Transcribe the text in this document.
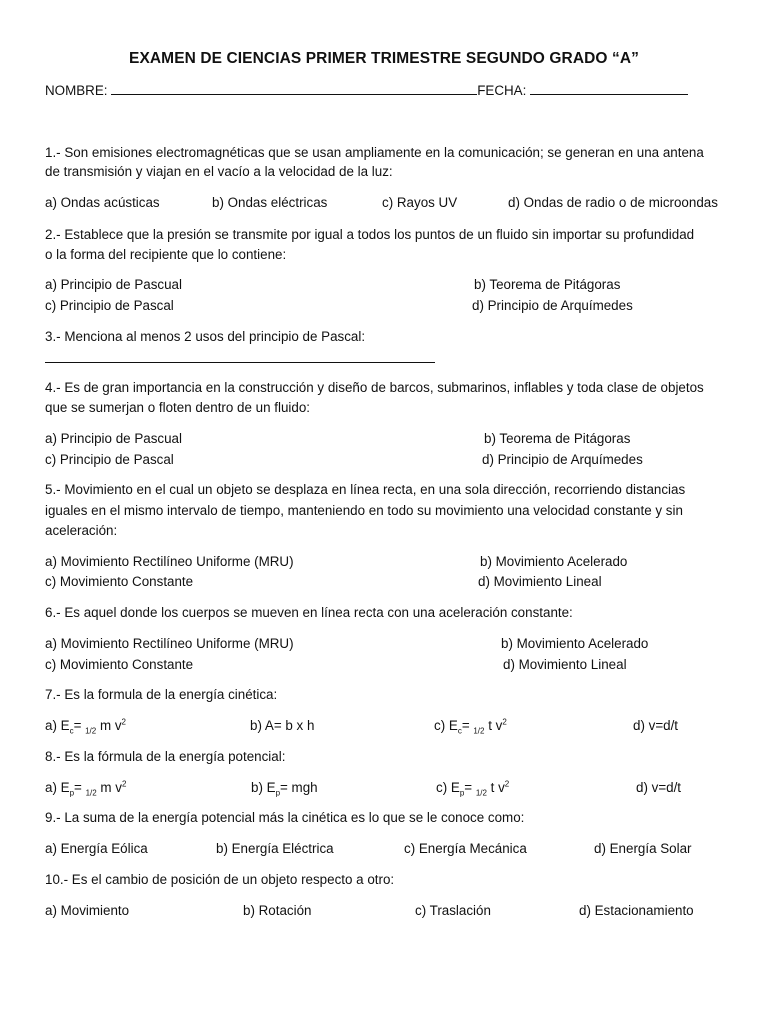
EXAMEN DE CIENCIAS PRIMER TRIMESTRE SEGUNDO GRADO “A”
NOMBRE:	FECHA:
1.- Son emisiones electromagnéticas que se usan ampliamente en la comunicación; se generan en una antena
de transmisión y viajan en el vacío a la velocidad de la luz:
a) Ondas acústicas	b) Ondas eléctricas	c) Rayos UV	d) Ondas de radio o de microondas
2.- Establece que la presión se transmite por igual a todos los puntos de un fluido sin importar su profundidad
o la forma del recipiente que lo contiene:
a) Principio de Pascual	b) Teorema de Pitágoras
c) Principio de Pascal	d) Principio de Arquímedes
3.- Menciona al menos 2 usos del principio de Pascal:
4.- Es de gran importancia en la construcción y diseño de barcos, submarinos, inflables y toda clase de objetos
que se sumerjan o floten dentro de un fluido:
a) Principio de Pascual	b) Teorema de Pitágoras
c) Principio de Pascal	d) Principio de Arquímedes
5.- Movimiento en el cual un objeto se desplaza en línea recta, en una sola dirección, recorriendo distancias
iguales en el mismo intervalo de tiempo, manteniendo en todo su movimiento una velocidad constante y sin
aceleración:
a) Movimiento Rectilíneo Uniforme (MRU)	b) Movimiento Acelerado
c) Movimiento Constante	d) Movimiento Lineal
6.- Es aquel donde los cuerpos se mueven en línea recta con una aceleración constante:
a) Movimiento Rectilíneo Uniforme (MRU)	b) Movimiento Acelerado
c) Movimiento Constante	d) Movimiento Lineal
7.- Es la formula de la energía cinética:
a) $E_c= _{1/2}$ m $v^2$	b) A= b x h	c) $E_c= _{1/2}$ t $v^2$	d) v=d/t
8.- Es la fórmula de la energía potencial:
a) $E_p= _{1/2}$ m $v^2$	b) $E_p=$ mgh	c) $E_p= _{1/2}$ t $v^2$	d) v=d/t
9.- La suma de la energía potencial más la cinética es lo que se le conoce como:
a) Energía Eólica	b) Energía Eléctrica	c) Energía Mecánica	d) Energía Solar
10.- Es el cambio de posición de un objeto respecto a otro:
a) Movimiento	b) Rotación	c) Traslación	d) Estacionamiento
